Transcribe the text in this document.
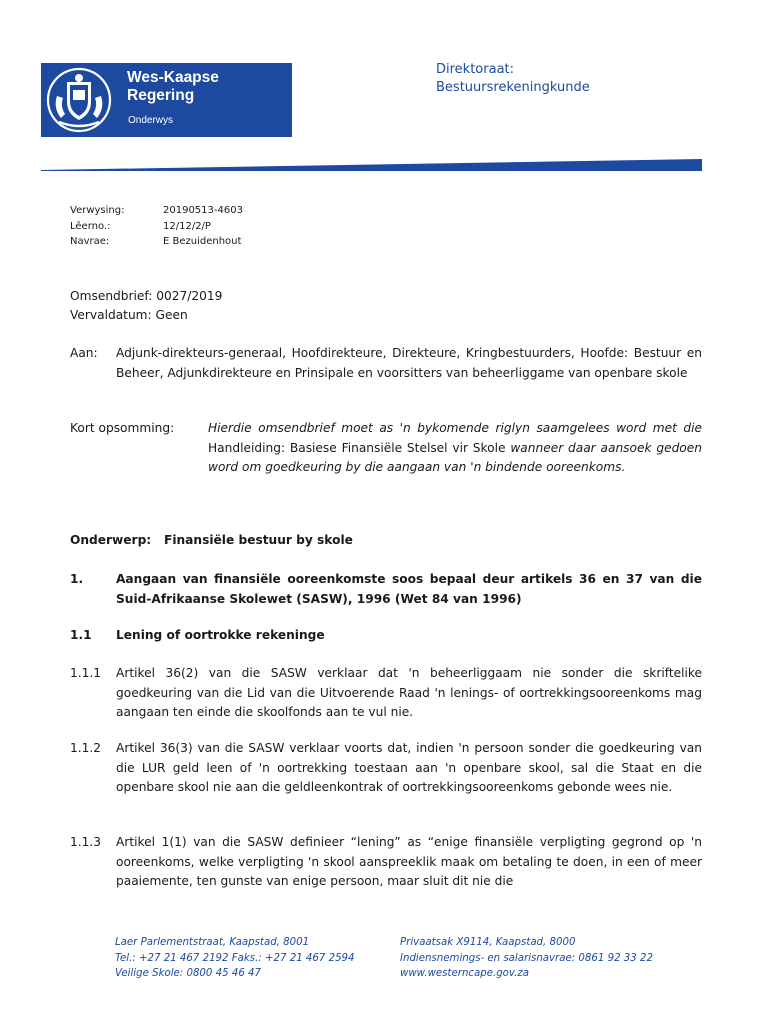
Wes-Kaapse
Regering
Onderwys
Direktoraat:
Bestuursrekeningkunde
Verwysing:	20190513-4603
Lêerno.:	12/12/2/P
Navrae:	E Bezuidenhout
Omsendbrief: 0027/2019
Vervaldatum: Geen
Aan: Adjunk-direkteurs-generaal, Hoofdirekteure, Direkteure, Kringbestuurders, Hoofde: Bestuur en Beheer, Adjunkdirekteure en Prinsipale en voorsitters van beheerliggame van openbare skole
Kort opsomming:	Hierdie omsendbrief moet as 'n bykomende riglyn saamgelees word met die Handleiding: Basiese Finansiële Stelsel vir Skole wanneer daar aansoek gedoen word om goedkeuring by die aangaan van 'n bindende ooreenkoms.
Onderwerp: Finansiële bestuur by skole
1.	Aangaan van finansiële ooreenkomste soos bepaal deur artikels 36 en 37 van die Suid-Afrikaanse Skolewet (SASW), 1996 (Wet 84 van 1996)
1.1 Lening of oortrokke rekeninge
1.1.1 Artikel 36(2) van die SASW verklaar dat 'n beheerliggaam nie sonder die skriftelike goedkeuring van die Lid van die Uitvoerende Raad 'n lenings- of oortrekkingsooreenkoms mag aangaan ten einde die skoolfonds aan te vul nie.
1.1.2 Artikel 36(3) van die SASW verklaar voorts dat, indien 'n persoon sonder die goedkeuring van die LUR geld leen of 'n oortrekking toestaan aan 'n openbare skool, sal die Staat en die openbare skool nie aan die geldleenkontrak of oortrekkingsooreenkoms gebonde wees nie.
1.1.3 Artikel 1(1) van die SASW definieer “lening” as “enige finansiële verpligting gegrond op 'n ooreenkoms, welke verpligting 'n skool aanspreeklik maak om betaling te doen, in een of meer paaiemente, ten gunste van enige persoon, maar sluit dit nie die
Laer Parlementstraat, Kaapstad, 8001
Tel.: +27 21 467 2192 Faks.: +27 21 467 2594
Veilige Skole: 0800 45 46 47
Privaatsak X9114, Kaapstad, 8000
Indiensnemings- en salarisnavrae: 0861 92 33 22
www.westerncape.gov.za
